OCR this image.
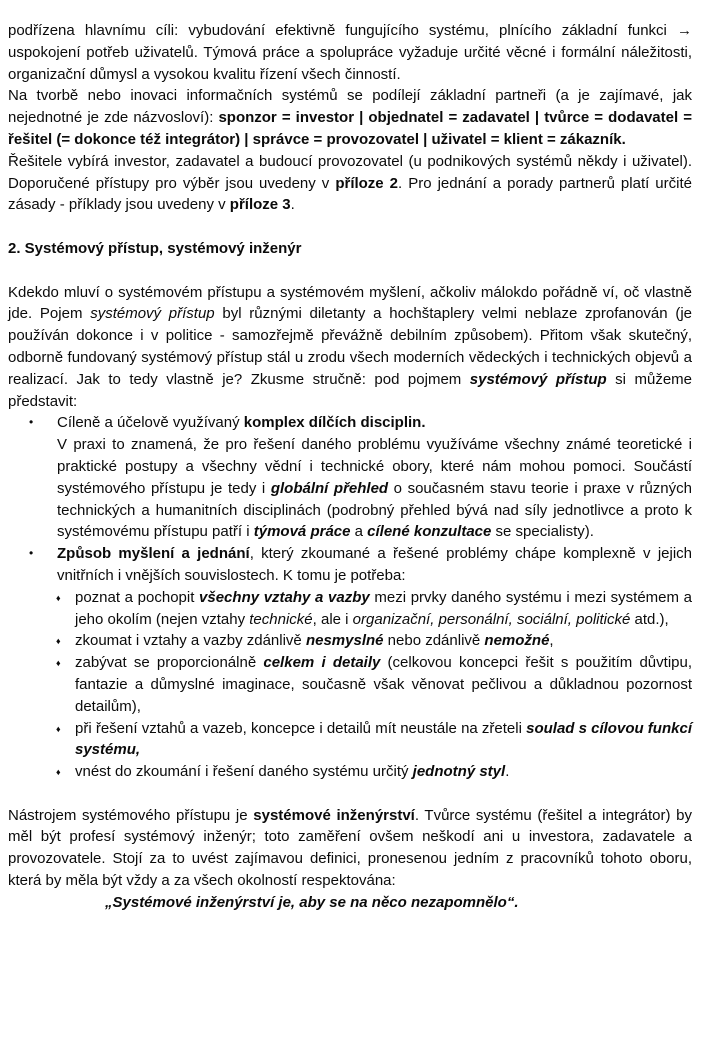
podřízena hlavnímu cíli: vybudování efektivně fungujícího systému, plnícího základní funkci → uspokojení potřeb uživatelů. Týmová práce a spolupráce vyžaduje určité věcné i formální náležitosti, organizační důmysl a vysokou kvalitu řízení všech činností.
Na tvorbě nebo inovaci informačních systémů se podílejí základní partneři (a je zajímavé, jak nejednotné je zde názvosloví): sponzor = investor | objednatel = zadavatel | tvůrce = dodavatel = řešitel (= dokonce též integrátor) | správce = provozovatel | uživatel = klient = zákazník.
Řešitele vybírá investor, zadavatel a budoucí provozovatel (u podnikových systémů někdy i uživatel). Doporučené přístupy pro výběr jsou uvedeny v příloze 2. Pro jednání a porady partnerů platí určité zásady - příklady jsou uvedeny v příloze 3.
2. Systémový přístup, systémový inženýr
Kdekdo mluví o systémovém přístupu a systémovém myšlení, ačkoliv málokdo pořádně ví, oč vlastně jde. Pojem systémový přístup byl různými diletanty a hochštaplery velmi neblaze zprofanován (je používán dokonce i v politice - samozřejmě převážně debilním způsobem). Přitom však skutečný, odborně fundovaný systémový přístup stál u zrodu všech moderních vědeckých i technických objevů a realizací. Jak to tedy vlastně je? Zkusme stručně: pod pojmem systémový přístup si můžeme představit:
• Cíleně a účelově využívaný komplex dílčích disciplin.
V praxi to znamená, že pro řešení daného problému využíváme všechny známé teoretické i praktické postupy a všechny vědní i technické obory, které nám mohou pomoci. Součástí systémového přístupu je tedy i globální přehled o současném stavu teorie i praxe v různých technických a humanitních disciplinách (podrobný přehled bývá nad síly jednotlivce a proto k systémovému přístupu patří i týmová práce a cílené konzultace se specialisty).
• Způsob myšlení a jednání, který zkoumané a řešené problémy chápe komplexně v jejich vnitřních i vnějších souvislostech. K tomu je potřeba:
♦ poznat a pochopit všechny vztahy a vazby mezi prvky daného systému i mezi systémem a jeho okolím (nejen vztahy technické, ale i organizační, personální, sociální, politické atd.),
♦ zkoumat i vztahy a vazby zdánlivě nesmyslné nebo zdánlivě nemožné,
♦ zabývat se proporcionálně celkem i detaily (celkovou koncepci řešit s použitím důvtipu, fantazie a důmyslné imaginace, současně však věnovat pečlivou a důkladnou pozornost detailům),
♦ při řešení vztahů a vazeb, koncepce i detailů mít neustále na zřeteli soulad s cílovou funkcí systému,
♦ vnést do zkoumání i řešení daného systému určitý jednotný styl.
Nástrojem systémového přístupu je systémové inženýrství. Tvůrce systému (řešitel a integrátor) by měl být profesí systémový inženýr; toto zaměření ovšem neškodí ani u investora, zadavatele a provozovatele. Stojí za to uvést zajímavou definici, pronesenou jedním z pracovníků tohoto oboru, která by měla být vždy a za všech okolností respektována:
„Systémové inženýrství je, aby se na něco nezapomnělo“.
